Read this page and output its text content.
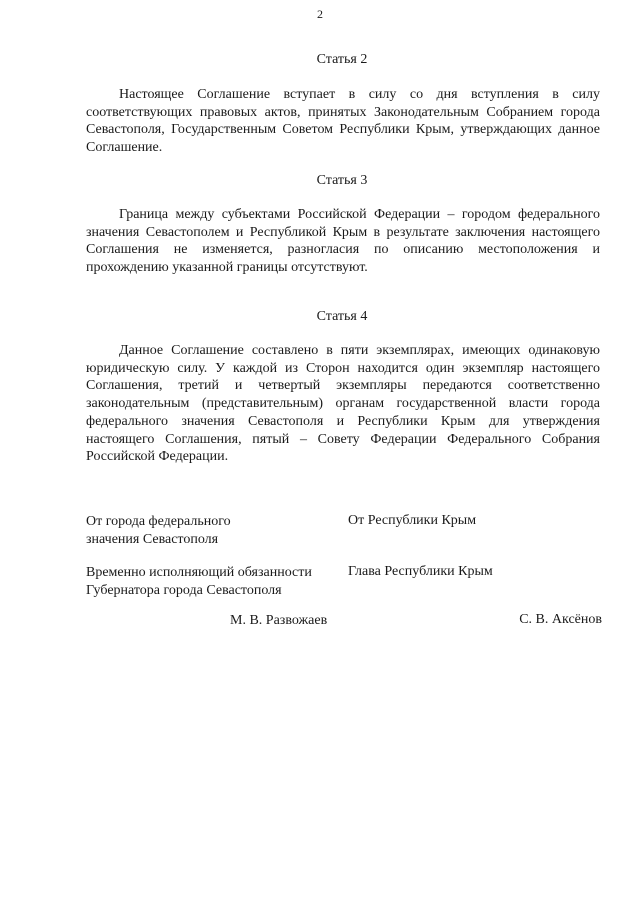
2
Статья 2
Настоящее Соглашение вступает в силу со дня вступления в силу соответствующих правовых актов, принятых Законодательным Собранием города Севастополя, Государственным Советом Республики Крым, утверждающих данное Соглашение.
Статья 3
Граница между субъектами Российской Федерации – городом федерального значения Севастополем и Республикой Крым в результате заключения настоящего Соглашения не изменяется, разногласия по описанию местоположения и прохождению указанной границы отсутствуют.
Статья 4
Данное Соглашение составлено в пяти экземплярах, имеющих одинаковую юридическую силу. У каждой из Сторон находится один экземпляр настоящего Соглашения, третий и четвертый экземпляры передаются соответственно законодательным (представительным) органам государственной власти города федерального значения Севастополя и Республики Крым для утверждения настоящего Соглашения, пятый – Совету Федерации Федерального Собрания Российской Федерации.
От города федерального
значения Севастополя
От Республики Крым
Временно исполняющий обязанности
Губернатора города Севастополя
Глава Республики Крым
М. В. Развожаев	С. В. Аксёнов
